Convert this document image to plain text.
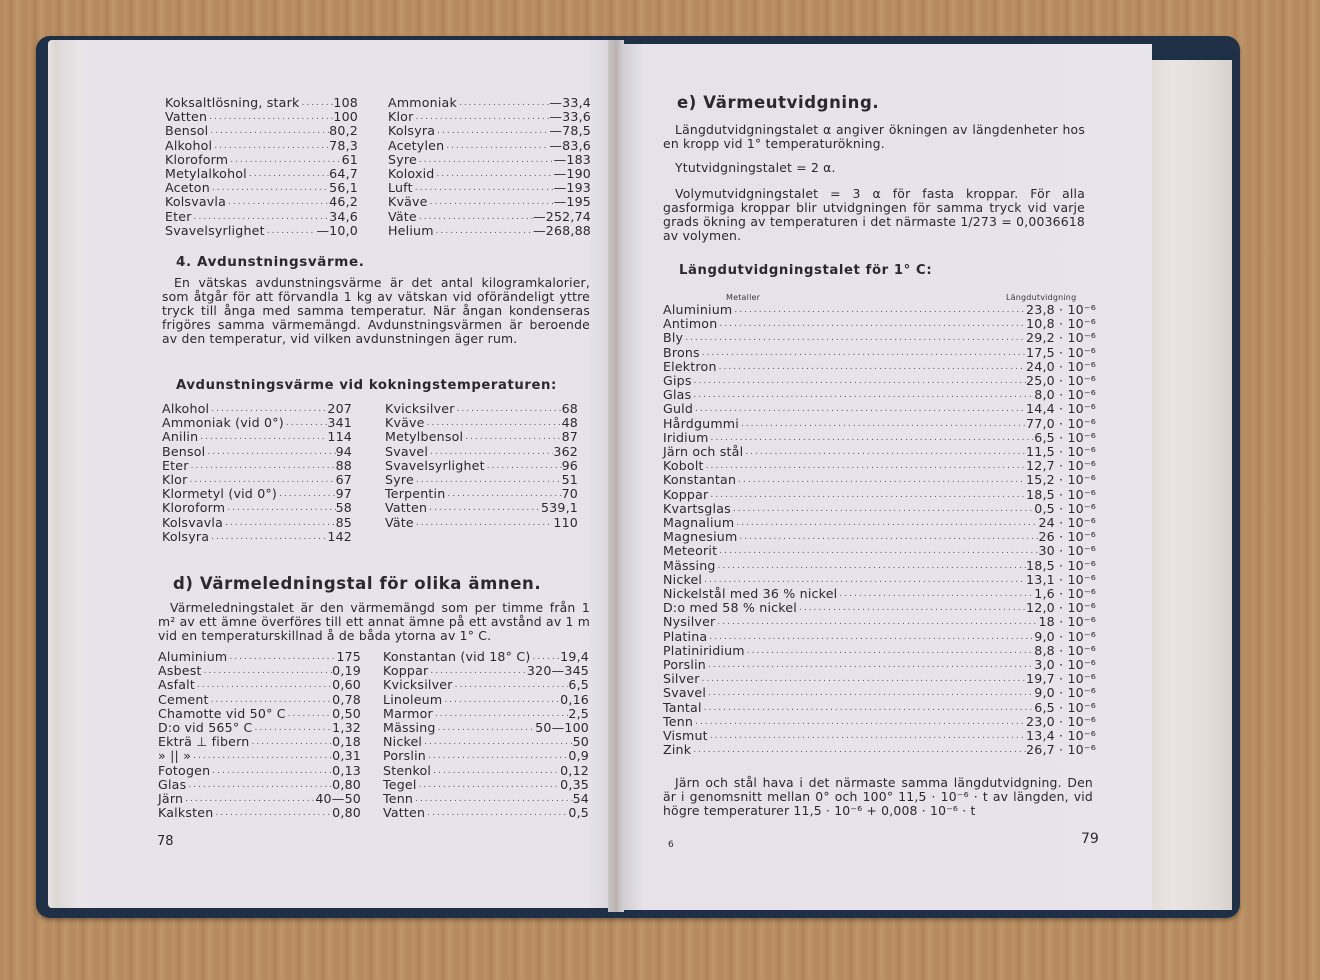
Koksaltlösning, stark .....	108
Vatten .....	100
Bensol .....	80,2
Alkohol .....	78,3
Kloroform .....	61
Metylalkohol .....	64,7
Aceton .....	56,1
Kolsvavla .....	46,2
Eter .....	34,6
Svavelsyrlighet .....	—10,0
Ammoniak .....	—33,4
Klor .....	—33,6
Kolsyra .....	—78,5
Acetylen .....	—83,6
Syre .....	—183
Koloxid .....	—190
Luft .....	—193
Kväve .....	—195
Väte .....	—252,74
Helium .....	—268,88
4. Avdunstningsvärme.
En vätskas avdunstningsvärme är det antal kilogramkalorier, som åtgår för att förvandla 1 kg av vätskan vid oförändeligt yttre tryck till ånga med samma temperatur. När ångan kondenseras frigöres samma värmemängd. Avdunstningsvärmen är beroende av den temperatur, vid vilken avdunstningen äger rum.
Avdunstningsvärme vid kokningstemperaturen:
Alkohol .....	207
Ammoniak (vid 0°) .....	341
Anilin .....	114
Bensol .....	94
Eter .....	88
Klor .....	67
Klormetyl (vid 0°) .....	97
Kloroform .....	58
Kolsvavla .....	85
Kolsyra .....	142
Kvicksilver .....	68
Kväve .....	48
Metylbensol .....	87
Svavel .....	362
Svavelsyrlighet .....	96
Syre .....	51
Terpentin .....	70
Vatten .....	539,1
Väte .....	110
d) Värmeledningstal för olika ämnen.
Värmeledningstalet är den värmemängd som per timme från 1 m² av ett ämne överföres till ett annat ämne på ett avstånd av 1 m vid en temperaturskillnad å de båda ytorna av 1° C.
Aluminium .....	175
Asbest .....	0,19
Asfalt .....	0,60
Cement .....	0,78
Chamotte vid 50° C .....	0,50
D:o vid 565° C .....	1,32
Ekträ ⊥ fibern .....	0,18
» || » .....	0,31
Fotogen .....	0,13
Glas .....	0,80
Järn .....	40—50
Kalksten .....	0,80
Konstantan (vid 18° C) ..... 19,4
Koppar .....	320—345
Kvicksilver .....	6,5
Linoleum .....	0,16
Marmor .....	2,5
Mässing .....	50—100
Nickel .....	50
Porslin .....	0,9
Stenkol .....	0,12
Tegel .....	0,35
Tenn .....	54
Vatten .....	0,5
78
e) Värmeutvidgning.
Längdutvidgningstalet α angiver ökningen av längdenheter hos en kropp vid 1° temperaturökning.
Ytutvidgningstalet = 2 α.
Volymutvidgningstalet = 3 α för fasta kroppar. För alla gasformiga kroppar blir utvidgningen för samma tryck vid varje grads ökning av temperaturen i det närmaste 1/273 = 0,0036618 av volymen.
Längdutvidgningstalet för 1° C:
Metaller	Längdutvidgning
Aluminium .....	23,8 · 10⁻⁶
Antimon .....	10,8 · 10⁻⁶
Bly .....	29,2 · 10⁻⁶
Brons .....	17,5 · 10⁻⁶
Elektron .....	24,0 · 10⁻⁶
Gips .....	25,0 · 10⁻⁶
Glas .....	8,0 · 10⁻⁶
Guld .....	14,4 · 10⁻⁶
Hårdgummi .....	77,0 · 10⁻⁶
Iridium .....	6,5 · 10⁻⁶
Järn och stål .....	11,5 · 10⁻⁶
Kobolt .....	12,7 · 10⁻⁶
Konstantan .....	15,2 · 10⁻⁶
Koppar .....	18,5 · 10⁻⁶
Kvartsglas .....	0,5 · 10⁻⁶
Magnalium .....	24 · 10⁻⁶
Magnesium .....	26 · 10⁻⁶
Meteorit .....	30 · 10⁻⁶
Mässing .....	18,5 · 10⁻⁶
Nickel .....	13,1 · 10⁻⁶
Nickelstål med 36 % nickel .....	1,6 · 10⁻⁶
D:o med 58 % nickel .....	12,0 · 10⁻⁶
Nysilver .....	18 · 10⁻⁶
Platina .....	9,0 · 10⁻⁶
Platiniridium .....	8,8 · 10⁻⁶
Porslin .....	3,0 · 10⁻⁶
Silver .....	19,7 · 10⁻⁶
Svavel .....	9,0 · 10⁻⁶
Tantal .....	6,5 · 10⁻⁶
Tenn .....	23,0 · 10⁻⁶
Vismut .....	13,4 · 10⁻⁶
Zink .....	26,7 · 10⁻⁶
Järn och stål hava i det närmaste samma längdutvidgning. Den är i genomsnitt mellan 0° och 100° 11,5 · 10⁻⁶ · t av längden, vid högre temperaturer 11,5 · 10⁻⁶ + 0,008 · 10⁻⁶ · t
6	79
